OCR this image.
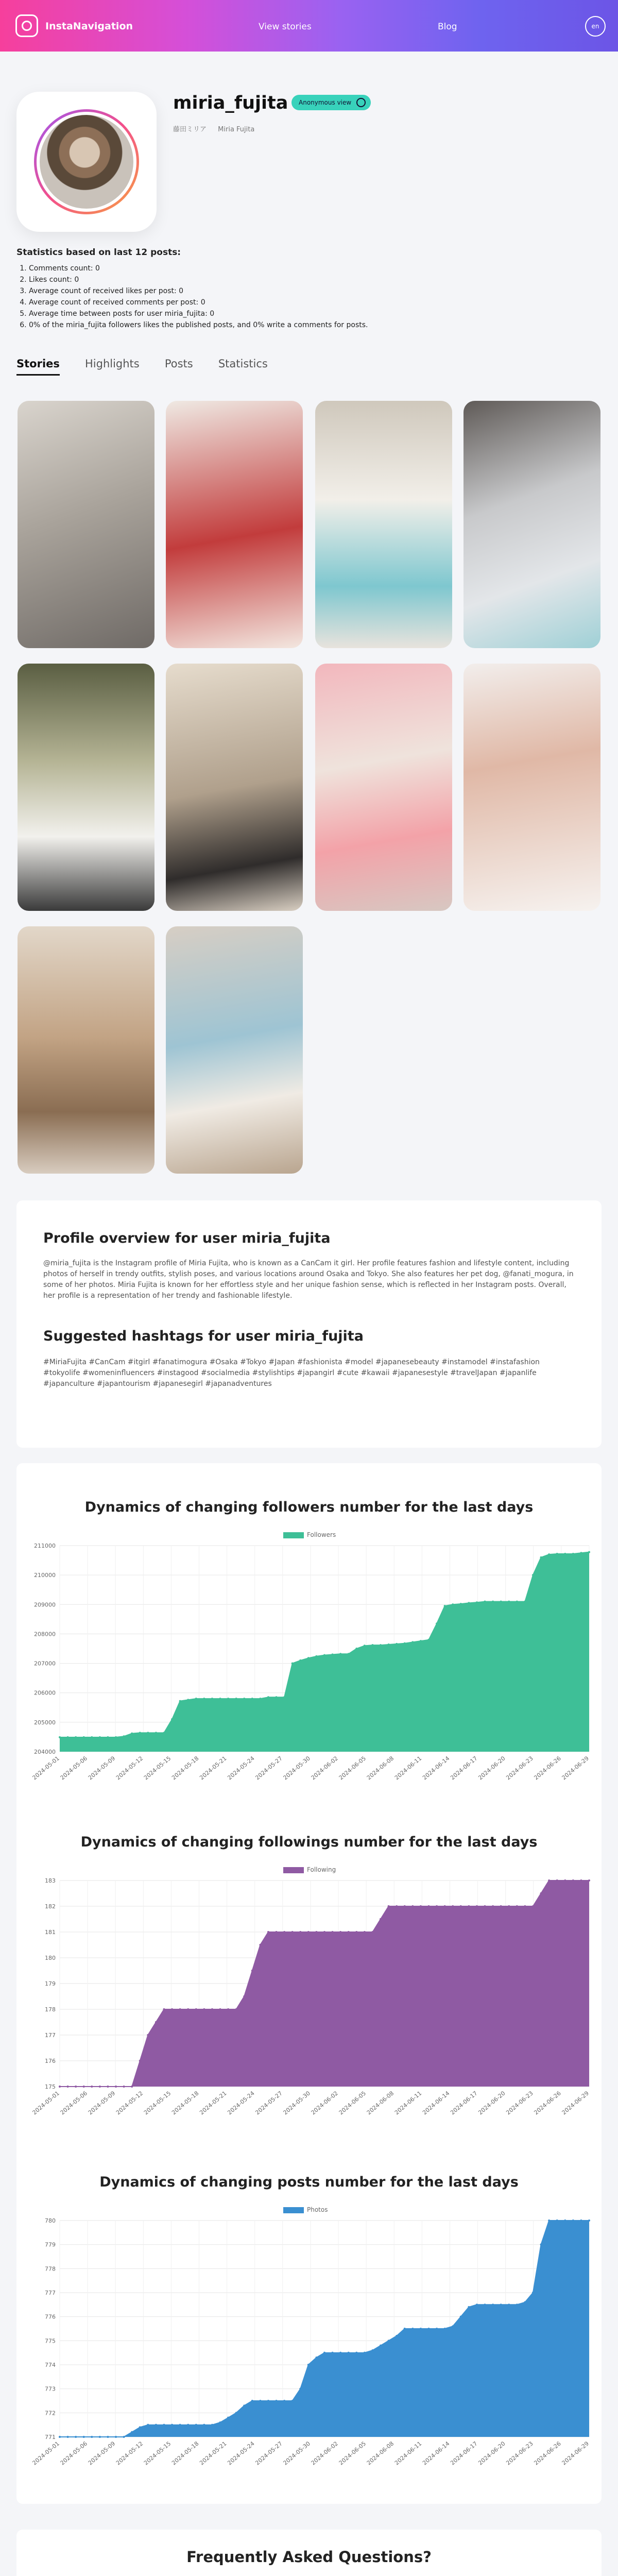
InstaNavigation	View stories	Blog	en
miria_fujita	Anonymous view
藤田ミリア Miria Fujita
Statistics based on last 12 posts:
1. Comments count: 0
2. Likes count: 0
3. Average count of received likes per post: 0
4. Average count of received comments per post: 0
5. Average time between posts for user miria_fujita: 0
6. 0% of the miria_fujita followers likes the published posts, and 0% write a comments for posts.
Stories Highlights Posts Statistics
Profile overview for user miria_fujita

@miria_fujita is the Instagram profile of Miria Fujita, who is known as a CanCam it girl. Her profile features fashion and lifestyle content, including photos of herself in trendy outfits, stylish poses, and various locations around Osaka and Tokyo. She also features her pet dog, @fanati_mogura, in some of her photos. Miria Fujita is known for her effortless style and her unique fashion sense, which is reflected in her Instagram posts. Overall, her profile is a representation of her trendy and fashionable lifestyle.

Suggested hashtags for user miria_fujita

#MiriaFujita #CanCam #itgirl #fanatimogura #Osaka #Tokyo #Japan #fashionista #model #japanesebeauty #instamodel #instafashion #tokyolife #womeninfluencers #instagood #socialmedia #stylishtips #japangirl #cute #kawaii #japanesestyle #travelJapan #japanlife #japanculture #japantourism #japanesegirl #japanadventures

Dynamics of changing followers number for the last days
Followers
204000
205000
206000
207000
208000
209000
210000
211000
2024-05-01
2024-05-06
2024-05-09
2024-05-12
2024-05-15
2024-05-18
2024-05-21
2024-05-24
2024-05-27
2024-05-30
2024-06-02
2024-06-05
2024-06-08
2024-06-11
2024-06-14
2024-06-17
2024-06-20
2024-06-23
2024-06-26
2024-06-29
Dynamics of changing followings number for the last days
Following
175
176
177
178
179
180
181
182
183
2024-05-01
2024-05-06
2024-05-09
2024-05-12
2024-05-15
2024-05-18
2024-05-21
2024-05-24
2024-05-27
2024-05-30
2024-06-02
2024-06-05
2024-06-08
2024-06-11
2024-06-14
2024-06-17
2024-06-20
2024-06-23
2024-06-26
2024-06-29
Dynamics of changing posts number for the last days
Photos
771
772
773
774
775
776
777
778
779
780
2024-05-01
2024-05-06
2024-05-09
2024-05-12
2024-05-15
2024-05-18
2024-05-21
2024-05-24
2024-05-27
2024-05-30
2024-06-02
2024-06-05
2024-06-08
2024-06-11
2024-06-14
2024-06-17
2024-06-20
2024-06-23
2024-06-26
2024-06-29
Frequently Asked Questions?
